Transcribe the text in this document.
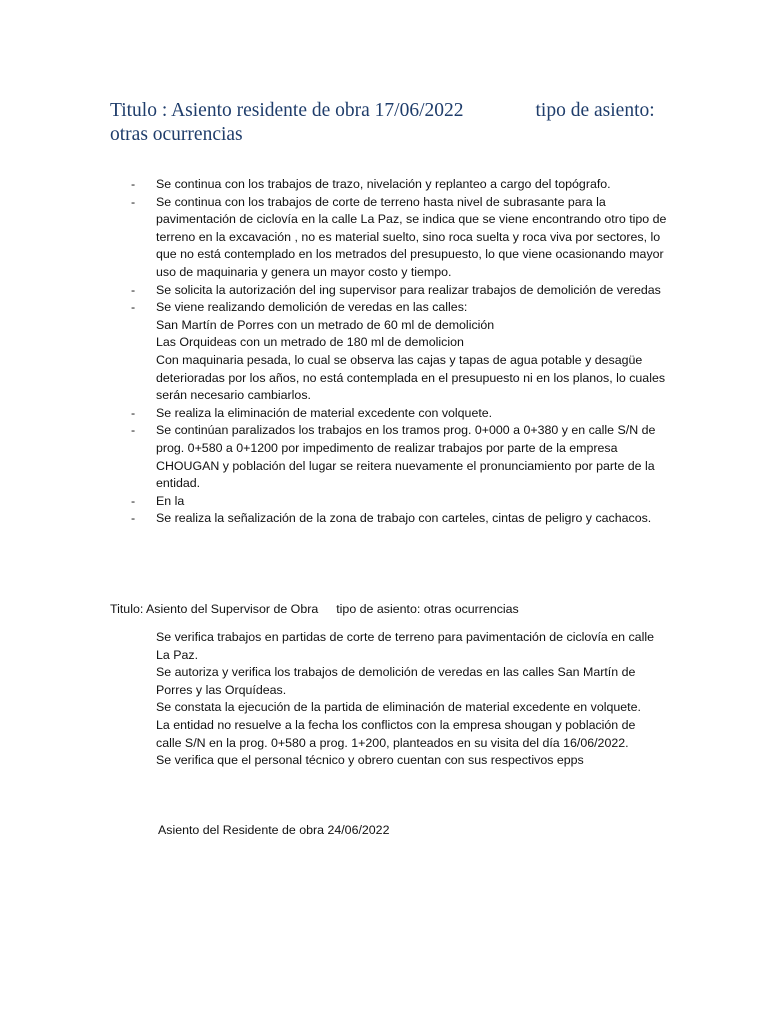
Titulo : Asiento residente de obra 17/06/2022	tipo de asiento: otras ocurrencias
- Se continua con los trabajos de trazo, nivelación y replanteo a cargo del topógrafo.
- Se continua con los trabajos de corte de terreno hasta nivel de subrasante para la pavimentación de ciclovía en la calle La Paz, se indica que se viene encontrando otro tipo de terreno en la excavación , no es material suelto, sino roca suelta y roca viva por sectores, lo que no está contemplado en los metrados del presupuesto, lo que viene ocasionando mayor uso de maquinaria y genera un mayor costo y tiempo.
- Se solicita la autorización del ing supervisor para realizar trabajos de demolición de veredas
- Se viene realizando demolición de veredas en las calles:
San Martín de Porres con un metrado de 60 ml de demolición
Las Orquideas con un metrado de 180 ml de demolicion
Con maquinaria pesada, lo cual se observa las cajas y tapas de agua potable y desagüe deterioradas por los años, no está contemplada en el presupuesto ni en los planos, lo cuales serán necesario cambiarlos.
- Se realiza la eliminación de material excedente con volquete.
- Se continúan paralizados los trabajos en los tramos prog. 0+000 a 0+380 y en calle S/N de prog. 0+580 a 0+1200 por impedimento de realizar trabajos por parte de la empresa CHOUGAN y población del lugar se reitera nuevamente el pronunciamiento por parte de la entidad.
- En la
- Se realiza la señalización de la zona de trabajo con carteles, cintas de peligro y cachacos.
Titulo: Asiento del Supervisor de Obra tipo de asiento: otras ocurrencias
Se verifica trabajos en partidas de corte de terreno para pavimentación de ciclovía en calle La Paz.
Se autoriza y verifica los trabajos de demolición de veredas en las calles San Martín de Porres y las Orquídeas.
Se constata la ejecución de la partida de eliminación de material excedente en volquete.
La entidad no resuelve a la fecha los conflictos con la empresa shougan y población de calle S/N en la prog. 0+580 a prog. 1+200, planteados en su visita del día 16/06/2022.
Se verifica que el personal técnico y obrero cuentan con sus respectivos epps
Asiento del Residente de obra 24/06/2022
